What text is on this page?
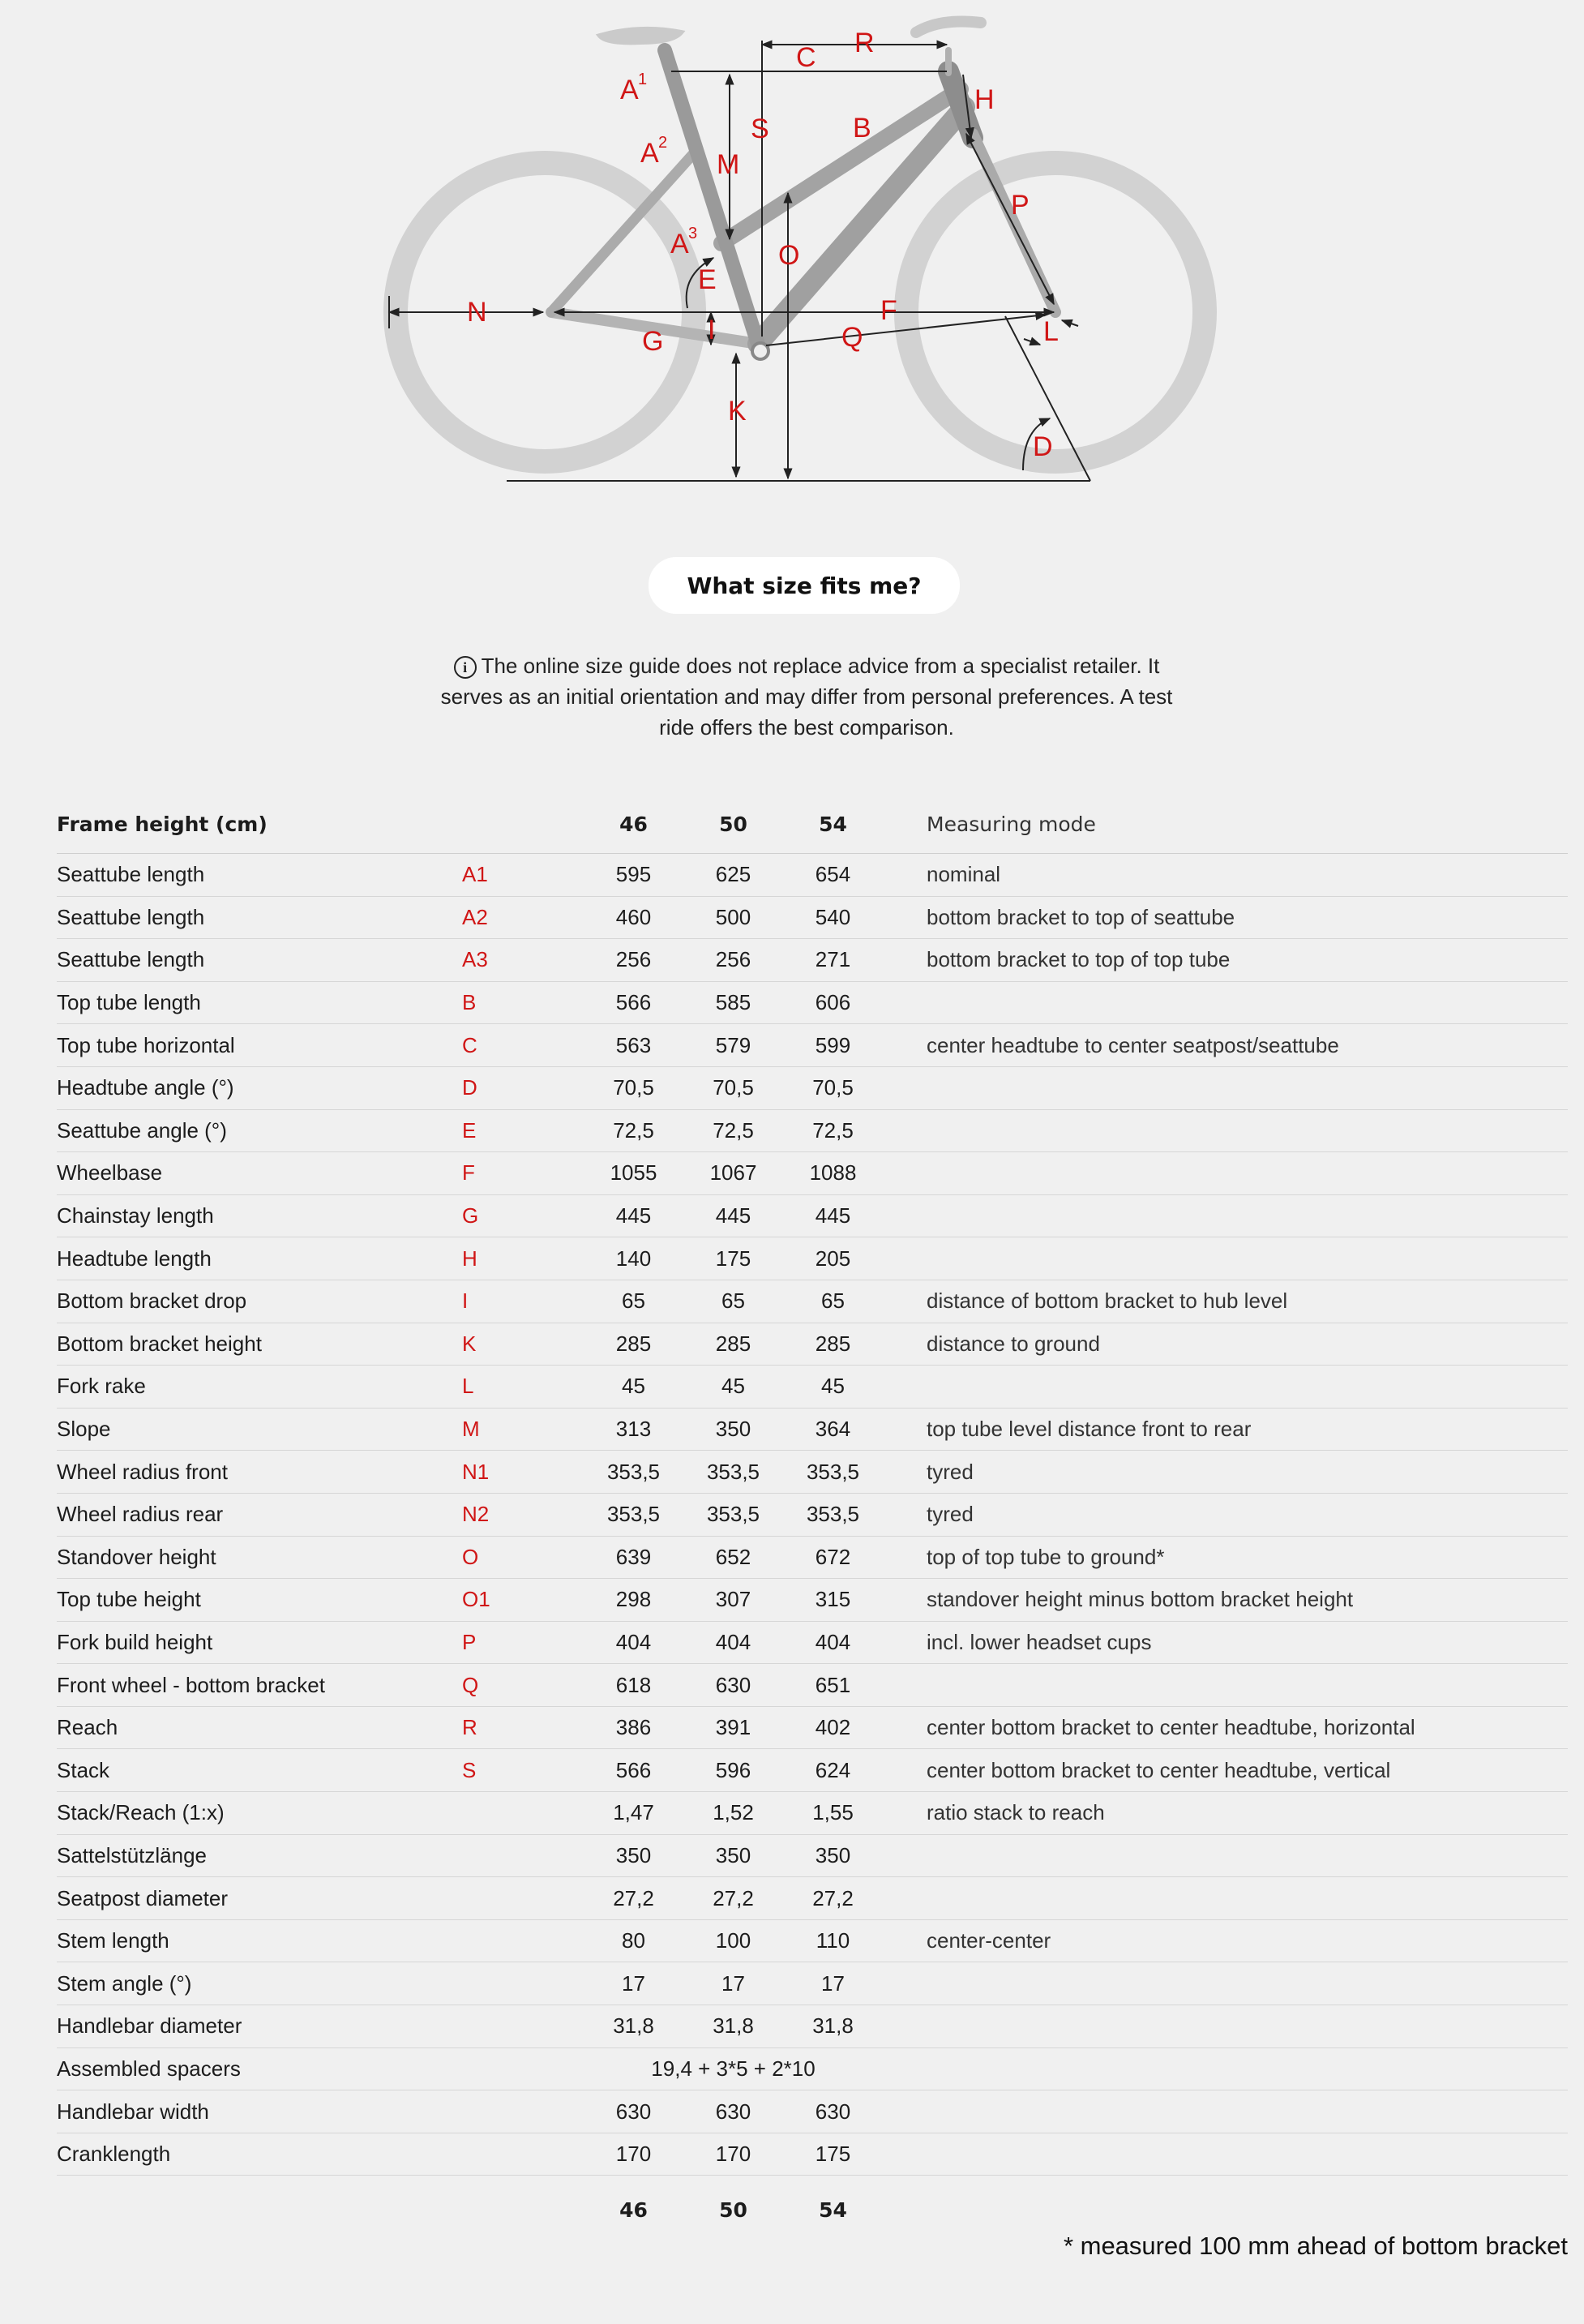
A 1
A 2
A 3
B
C
D
E
F
G
H
I
K
L
M
N
O
P
Q
R
S
What size fits me?
i The online size guide does not replace advice from a specialist retailer. It serves as an initial orientation and may differ from personal preferences. A test ride offers the best comparison.
Frame height (cm)	46	50	54	Measuring mode
Seattube length	A1	595	625	654	nominal
Seattube length	A2	460	500	540	bottom bracket to top of seattube
Seattube length	A3	256	256	271	bottom bracket to top of top tube
Top tube length	B	566	585	606
Top tube horizontal	C	563	579	599	center headtube to center seatpost/seattube
Headtube angle (°)	D	70,5	70,5	70,5
Seattube angle (°)	E	72,5	72,5	72,5
Wheelbase	F	1055	1067	1088
Chainstay length	G	445	445	445
Headtube length	H	140	175	205
Bottom bracket drop	I	65	65	65	distance of bottom bracket to hub level
Bottom bracket height	K	285	285	285	distance to ground
Fork rake	L	45	45	45
Slope	M	313	350	364	top tube level distance front to rear
Wheel radius front	N1	353,5	353,5	353,5	tyred
Wheel radius rear	N2	353,5	353,5	353,5	tyred
Standover height	O	639	652	672	top of top tube to ground*
Top tube height	O1	298	307	315	standover height minus bottom bracket height
Fork build height	P	404	404	404	incl. lower headset cups
Front wheel - bottom bracket	Q	618	630	651
Reach	R	386	391	402	center bottom bracket to center headtube, horizontal
Stack	S	566	596	624	center bottom bracket to center headtube, vertical
Stack/Reach (1:x)	1,47	1,52	1,55	ratio stack to reach
Sattelstützlänge	350	350	350
Seatpost diameter	27,2	27,2	27,2
Stem length	80	100	110	center-center
Stem angle (°)	17	17	17
Handlebar diameter	31,8	31,8	31,8
Assembled spacers	19,4 + 3*5 + 2*10
Handlebar width	630	630	630
Cranklength	170	170	175
46	50	54
* measured 100 mm ahead of bottom bracket
